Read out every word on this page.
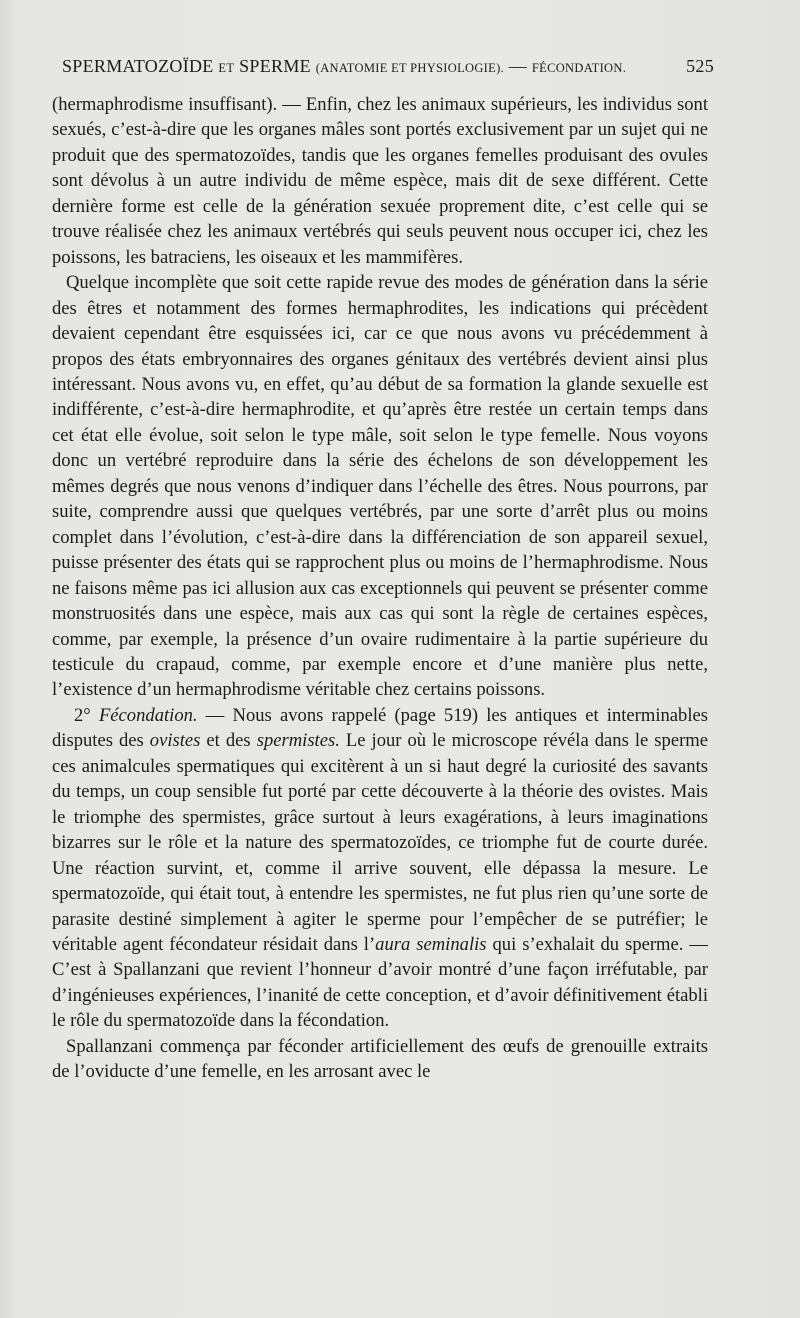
SPERMATOZOÏDE ET SPERME (ANATOMIE ET PHYSIOLOGIE). — FÉCONDATION.	525

(hermaphrodisme insuffisant). — Enfin, chez les animaux supérieurs, les individus sont sexués, c’est-à-dire que les organes mâles sont portés exclusivement par un sujet qui ne produit que des spermatozoïdes, tandis que les organes femelles produisant des ovules sont dévolus à un autre individu de même espèce, mais dit de sexe différent. Cette dernière forme est celle de la génération sexuée proprement dite, c’est celle qui se trouve réalisée chez les animaux vertébrés qui seuls peuvent nous occuper ici, chez les poissons, les batraciens, les oiseaux et les mammifères.

Quelque incomplète que soit cette rapide revue des modes de génération dans la série des êtres et notamment des formes hermaphrodites, les indications qui précèdent devaient cependant être esquissées ici, car ce que nous avons vu précédemment à propos des états embryonnaires des organes génitaux des vertébrés devient ainsi plus intéressant. Nous avons vu, en effet, qu’au début de sa formation la glande sexuelle est indifférente, c’est-à-dire hermaphrodite, et qu’après être restée un certain temps dans cet état elle évolue, soit selon le type mâle, soit selon le type femelle. Nous voyons donc un vertébré reproduire dans la série des échelons de son développement les mêmes degrés que nous venons d’indiquer dans l’échelle des êtres. Nous pourrons, par suite, comprendre aussi que quelques vertébrés, par une sorte d’arrêt plus ou moins complet dans l’évolution, c’est-à-dire dans la différenciation de son appareil sexuel, puisse présenter des états qui se rapprochent plus ou moins de l’hermaphrodisme. Nous ne faisons même pas ici allusion aux cas exceptionnels qui peuvent se présenter comme monstruosités dans une espèce, mais aux cas qui sont la règle de certaines espèces, comme, par exemple, la présence d’un ovaire rudimentaire à la partie supérieure du testicule du crapaud, comme, par exemple encore et d’une manière plus nette, l’existence d’un hermaphrodisme véritable chez certains poissons.

2° Fécondation. — Nous avons rappelé (page 519) les antiques et interminables disputes des ovistes et des spermistes. Le jour où le microscope révéla dans le sperme ces animalcules spermatiques qui excitèrent à un si haut degré la curiosité des savants du temps, un coup sensible fut porté par cette découverte à la théorie des ovistes. Mais le triomphe des spermistes, grâce surtout à leurs exagérations, à leurs imaginations bizarres sur le rôle et la nature des spermatozoïdes, ce triomphe fut de courte durée. Une réaction survint, et, comme il arrive souvent, elle dépassa la mesure. Le spermatozoïde, qui était tout, à entendre les spermistes, ne fut plus rien qu’une sorte de parasite destiné simplement à agiter le sperme pour l’empêcher de se putréfier; le véritable agent fécondateur résidait dans l’aura seminalis qui s’exhalait du sperme. — C’est à Spallanzani que revient l’honneur d’avoir montré d’une façon irréfutable, par d’ingénieuses expériences, l’inanité de cette conception, et d’avoir définitivement établi le rôle du spermatozoïde dans la fécondation.

Spallanzani commença par féconder artificiellement des œufs de grenouille extraits de l’oviducte d’une femelle, en les arrosant avec le
